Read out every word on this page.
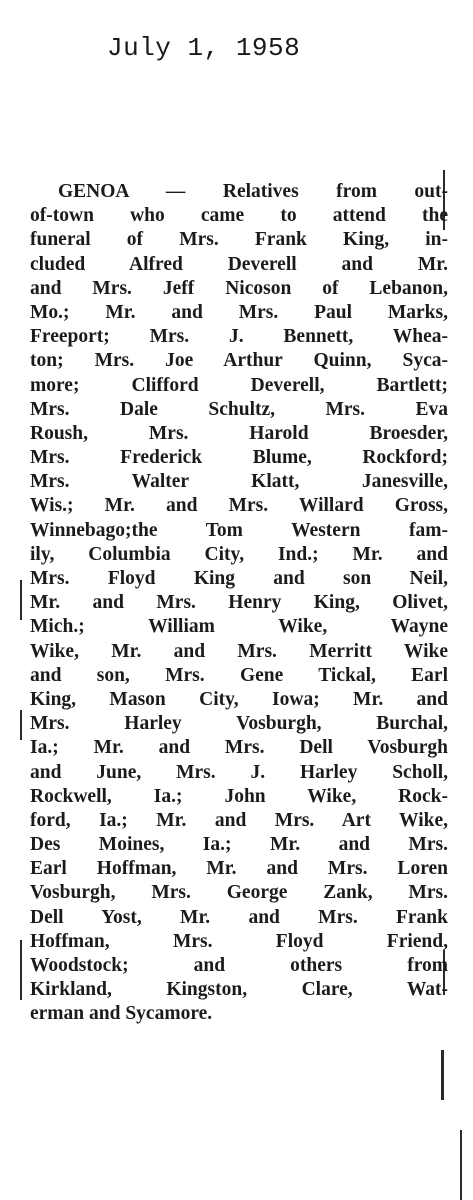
July 1, 1958
GENOA — Relatives from out-
of-town who came to attend the
funeral of Mrs. Frank King, in-
cluded Alfred Deverell and Mr.
and Mrs. Jeff Nicoson of Lebanon,
Mo.; Mr. and Mrs. Paul Marks,
Freeport; Mrs. J. Bennett, Whea-
ton; Mrs. Joe Arthur Quinn, Syca-
more; Clifford Deverell, Bartlett;
Mrs. Dale Schultz, Mrs. Eva
Roush, Mrs. Harold Broesder,
Mrs. Frederick Blume, Rockford;
Mrs. Walter Klatt, Janesville,
Wis.; Mr. and Mrs. Willard Gross,
Winnebago;the Tom Western fam-
ily, Columbia City, Ind.; Mr. and
Mrs. Floyd King and son Neil,
Mr. and Mrs. Henry King, Olivet,
Mich.; William Wike, Wayne
Wike, Mr. and Mrs. Merritt Wike
and son, Mrs. Gene Tickal, Earl
King, Mason City, Iowa; Mr. and
Mrs. Harley Vosburgh, Burchal,
Ia.; Mr. and Mrs. Dell Vosburgh
and June, Mrs. J. Harley Scholl,
Rockwell, Ia.; John Wike, Rock-
ford, Ia.; Mr. and Mrs. Art Wike,
Des Moines, Ia.; Mr. and Mrs.
Earl Hoffman, Mr. and Mrs. Loren
Vosburgh, Mrs. George Zank, Mrs.
Dell Yost, Mr. and Mrs. Frank
Hoffman, Mrs. Floyd Friend,
Woodstock; and others from
Kirkland, Kingston, Clare, Wat-
erman and Sycamore.
